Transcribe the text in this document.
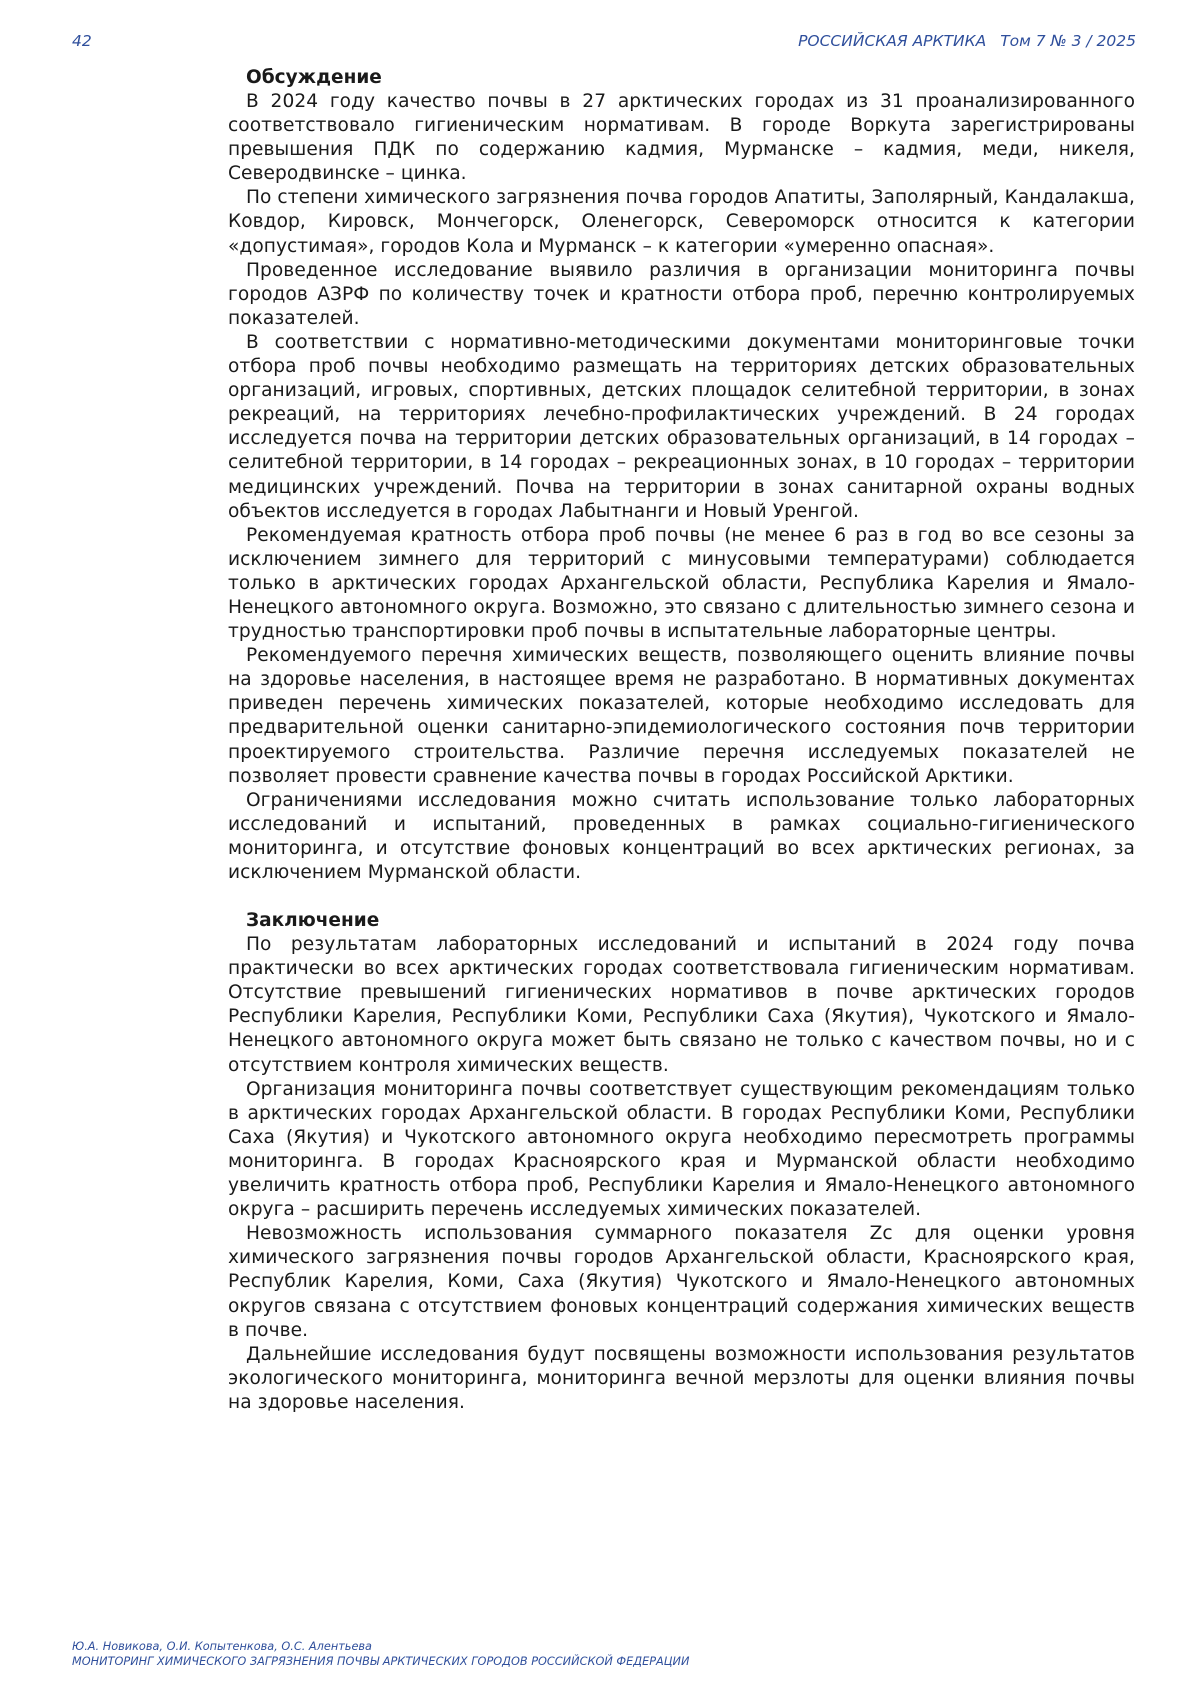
42	РОССИЙСКАЯ АРКТИКА Том 7 № 3 / 2025
Обсуждение

В 2024 году качество почвы в 27 арктических городах из 31 проанализированного соответствовало гигиеническим нормативам. В городе Воркута зарегистрированы превышения ПДК по содержанию кадмия, Мурманске – кадмия, меди, никеля, Северодвинске – цинка.

По степени химического загрязнения почва городов Апатиты, Заполярный, Кандалакша, Ковдор, Кировск, Мончегорск, Оленегорск, Североморск относится к категории «допустимая», городов Кола и Мурманск – к категории «умеренно опасная».

Проведенное исследование выявило различия в организации мониторинга почвы городов АЗРФ по количеству точек и кратности отбора проб, перечню контролируемых показателей.

В соответствии с нормативно-методическими документами мониторинговые точки отбора проб почвы необходимо размещать на территориях детских образовательных организаций, игровых, спортивных, детских площадок селитебной территории, в зонах рекреаций, на территориях лечебно-профилактических учреждений. В 24 городах исследуется почва на территории детских образовательных организаций, в 14 городах – селитебной территории, в 14 городах – рекреационных зонах, в 10 городах – территории медицинских учреждений. Почва на территории в зонах санитарной охраны водных объектов исследуется в городах Лабытнанги и Новый Уренгой.

Рекомендуемая кратность отбора проб почвы (не менее 6 раз в год во все сезоны за исключением зимнего для территорий с минусовыми температурами) соблюдается только в арктических городах Архангельской области, Республика Карелия и Ямало-Ненецкого автономного округа. Возможно, это связано с длительностью зимнего сезона и трудностью транспортировки проб почвы в испытательные лабораторные центры.

Рекомендуемого перечня химических веществ, позволяющего оценить влияние почвы на здоровье населения, в настоящее время не разработано. В нормативных документах приведен перечень химических показателей, которые необходимо исследовать для предварительной оценки санитарно-эпидемиологического состояния почв территории проектируемого строительства. Различие перечня исследуемых показателей не позволяет провести сравнение качества почвы в городах Российской Арктики.

Ограничениями исследования можно считать использование только лабораторных исследований и испытаний, проведенных в рамках социально-гигиенического мониторинга, и отсутствие фоновых концентраций во всех арктических регионах, за исключением Мурманской области.

Заключение

По результатам лабораторных исследований и испытаний в 2024 году почва практически во всех арктических городах соответствовала гигиеническим нормативам. Отсутствие превышений гигиенических нормативов в почве арктических городов Республики Карелия, Республики Коми, Республики Саха (Якутия), Чукотского и Ямало-Ненецкого автономного округа может быть связано не только с качеством почвы, но и с отсутствием контроля химических веществ.

Организация мониторинга почвы соответствует существующим рекомендациям только в арктических городах Архангельской области. В городах Республики Коми, Республики Саха (Якутия) и Чукотского автономного округа необходимо пересмотреть программы мониторинга. В городах Красноярского края и Мурманской области необходимо увеличить кратность отбора проб, Республики Карелия и Ямало-Ненецкого автономного округа – расширить перечень исследуемых химических показателей.

Невозможность использования суммарного показателя Zc для оценки уровня химического загрязнения почвы городов Архангельской области, Красноярского края, Республик Карелия, Коми, Саха (Якутия) Чукотского и Ямало-Ненецкого автономных округов связана с отсутствием фоновых концентраций содержания химических веществ в почве.

Дальнейшие исследования будут посвящены возможности использования результатов экологического мониторинга, мониторинга вечной мерзлоты для оценки влияния почвы на здоровье населения.

Ю.А. Новикова, О.И. Копытенкова, О.С. Алентьева
МОНИТОРИНГ ХИМИЧЕСКОГО ЗАГРЯЗНЕНИЯ ПОЧВЫ АРКТИЧЕСКИХ ГОРОДОВ РОССИЙСКОЙ ФЕДЕРАЦИИ
